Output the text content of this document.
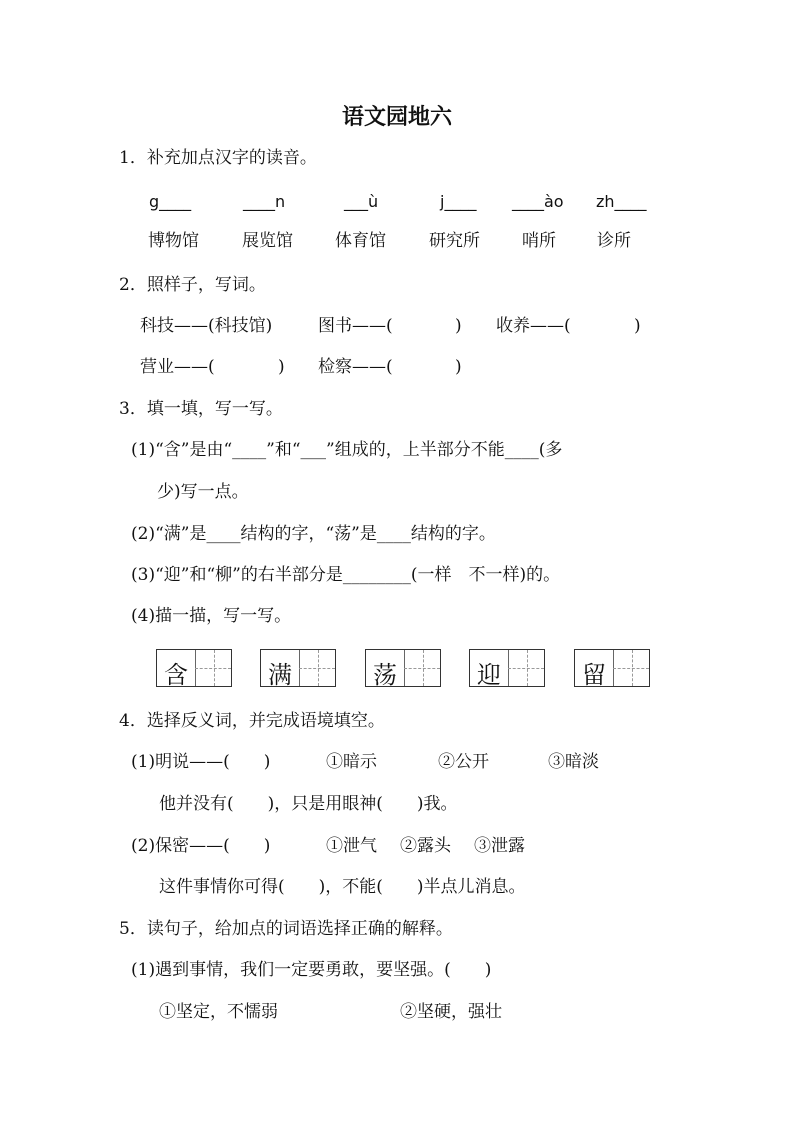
语文园地六
1．补充加点汉字的读音。
g____	____n	___ù	j____ ____ào zh____
博物馆	展览馆 体育馆	研究所 哨所 诊所
2．照样子，写词。
科技——(科技馆)	图书——(	) 收养——(	)
营业——(	) 检察——(	)
3．填一填，写一写。
(1)“含”是由“____”和“___”组成的，上半部分不能____(多
少)写一点。
(2)“满”是____结构的字，“荡”是____结构的字。
(3)“迎”和“柳”的右半部分是________(一样　不一样)的。
(4)描一描，写一写。
含	满	荡	迎	留
4．选择反义词，并完成语境填空。
(1)明说——(　　)	①暗示	②公开	③暗淡
他并没有(　　)，只是用眼神(　　)我。
(2)保密——(　　)	①泄气 ②露头 ③泄露
这件事情你可得(　　)，不能(　　)半点儿消息。
5．读句子，给加点的词语选择正确的解释。
(1)遇到事情，我们一定要勇敢，要坚强。(　　)
①坚定，不懦弱	②坚硬，强壮
